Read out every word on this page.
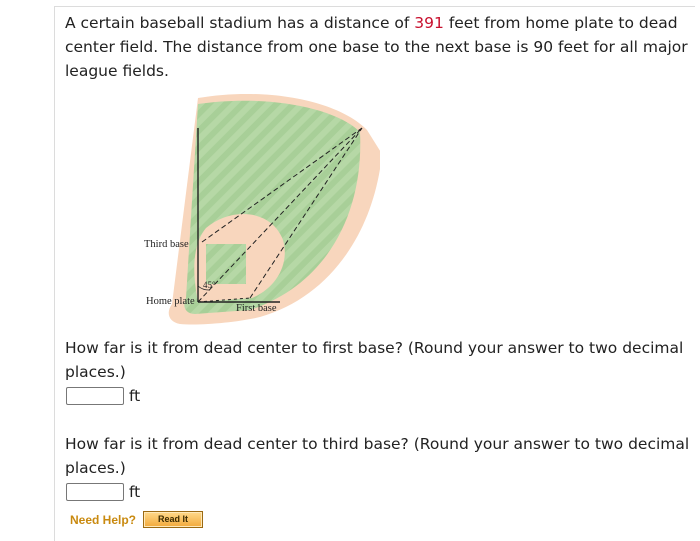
A certain baseball stadium has a distance of 391 feet from home plate to dead center field. The distance from one base to the next base is 90 feet for all major league fields.

Third base
Home plate
First base
45°

How far is it from dead center to first base? (Round your answer to two decimal places.)

ft

How far is it from dead center to third base? (Round your answer to two decimal places.)

ft
Need Help?	Read It
